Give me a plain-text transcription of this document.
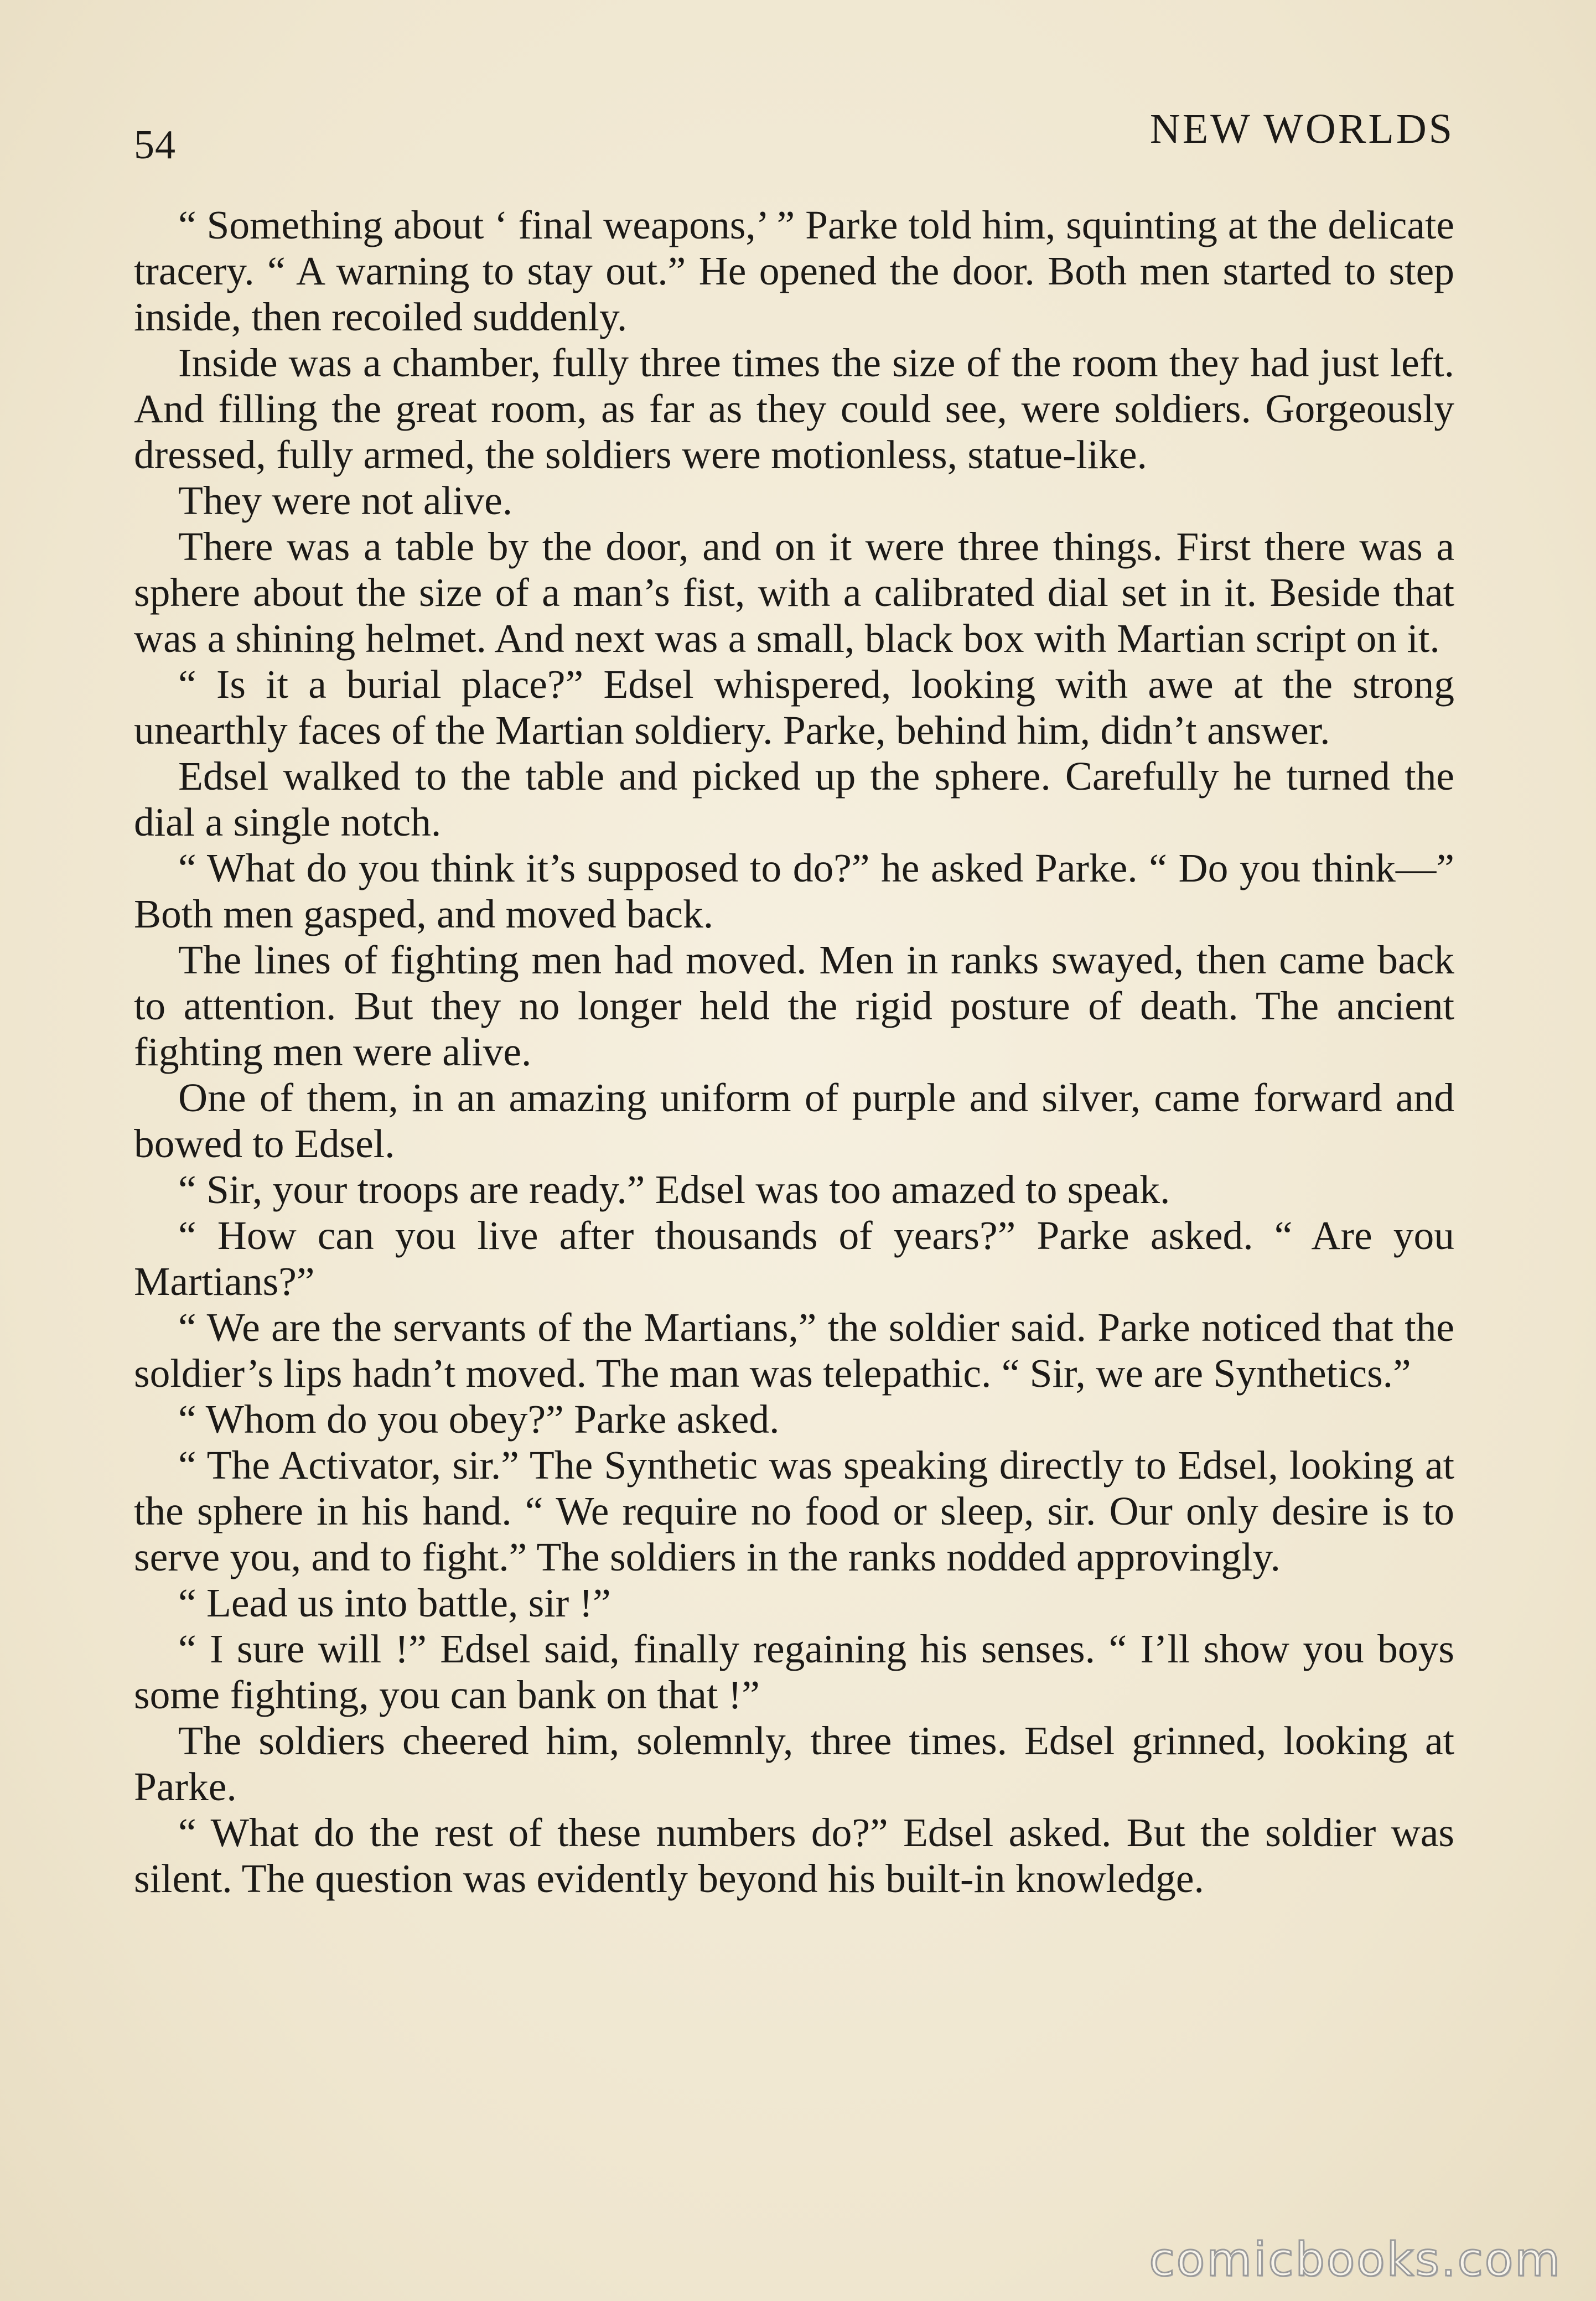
54	NEW WORLDS

“ Something about ‘ final weapons,’ ” Parke told him, squinting at the delicate tracery. “ A warning to stay out.” He opened the door. Both men started to step inside, then recoiled suddenly.

Inside was a chamber, fully three times the size of the room they had just left. And filling the great room, as far as they could see, were soldiers. Gorgeously dressed, fully armed, the soldiers were motionless, statue-like.

They were not alive.

There was a table by the door, and on it were three things. First there was a sphere about the size of a man’s fist, with a calibrated dial set in it. Beside that was a shining helmet. And next was a small, black box with Martian script on it.

“ Is it a burial place?” Edsel whispered, looking with awe at the strong unearthly faces of the Martian soldiery. Parke, behind him, didn’t answer.

Edsel walked to the table and picked up the sphere. Carefully he turned the dial a single notch.

“ What do you think it’s supposed to do?” he asked Parke. “ Do you think—” Both men gasped, and moved back.

The lines of fighting men had moved. Men in ranks swayed, then came back to attention. But they no longer held the rigid posture of death. The ancient fighting men were alive.

One of them, in an amazing uniform of purple and silver, came forward and bowed to Edsel.

“ Sir, your troops are ready.” Edsel was too amazed to speak.

“ How can you live after thousands of years?” Parke asked. “ Are you Martians?”

“ We are the servants of the Martians,” the soldier said. Parke noticed that the soldier’s lips hadn’t moved. The man was telepathic. “ Sir, we are Synthetics.”

“ Whom do you obey?” Parke asked.

“ The Activator, sir.” The Synthetic was speaking directly to Edsel, looking at the sphere in his hand. “ We require no food or sleep, sir. Our only desire is to serve you, and to fight.” The soldiers in the ranks nodded approvingly.

“ Lead us into battle, sir !”

“ I sure will !” Edsel said, finally regaining his senses. “ I’ll show you boys some fighting, you can bank on that !”

The soldiers cheered him, solemnly, three times. Edsel grinned, looking at Parke.

“ What do the rest of these numbers do?” Edsel asked. But the soldier was silent. The question was evidently beyond his built-in knowledge.

comicbooks.com
